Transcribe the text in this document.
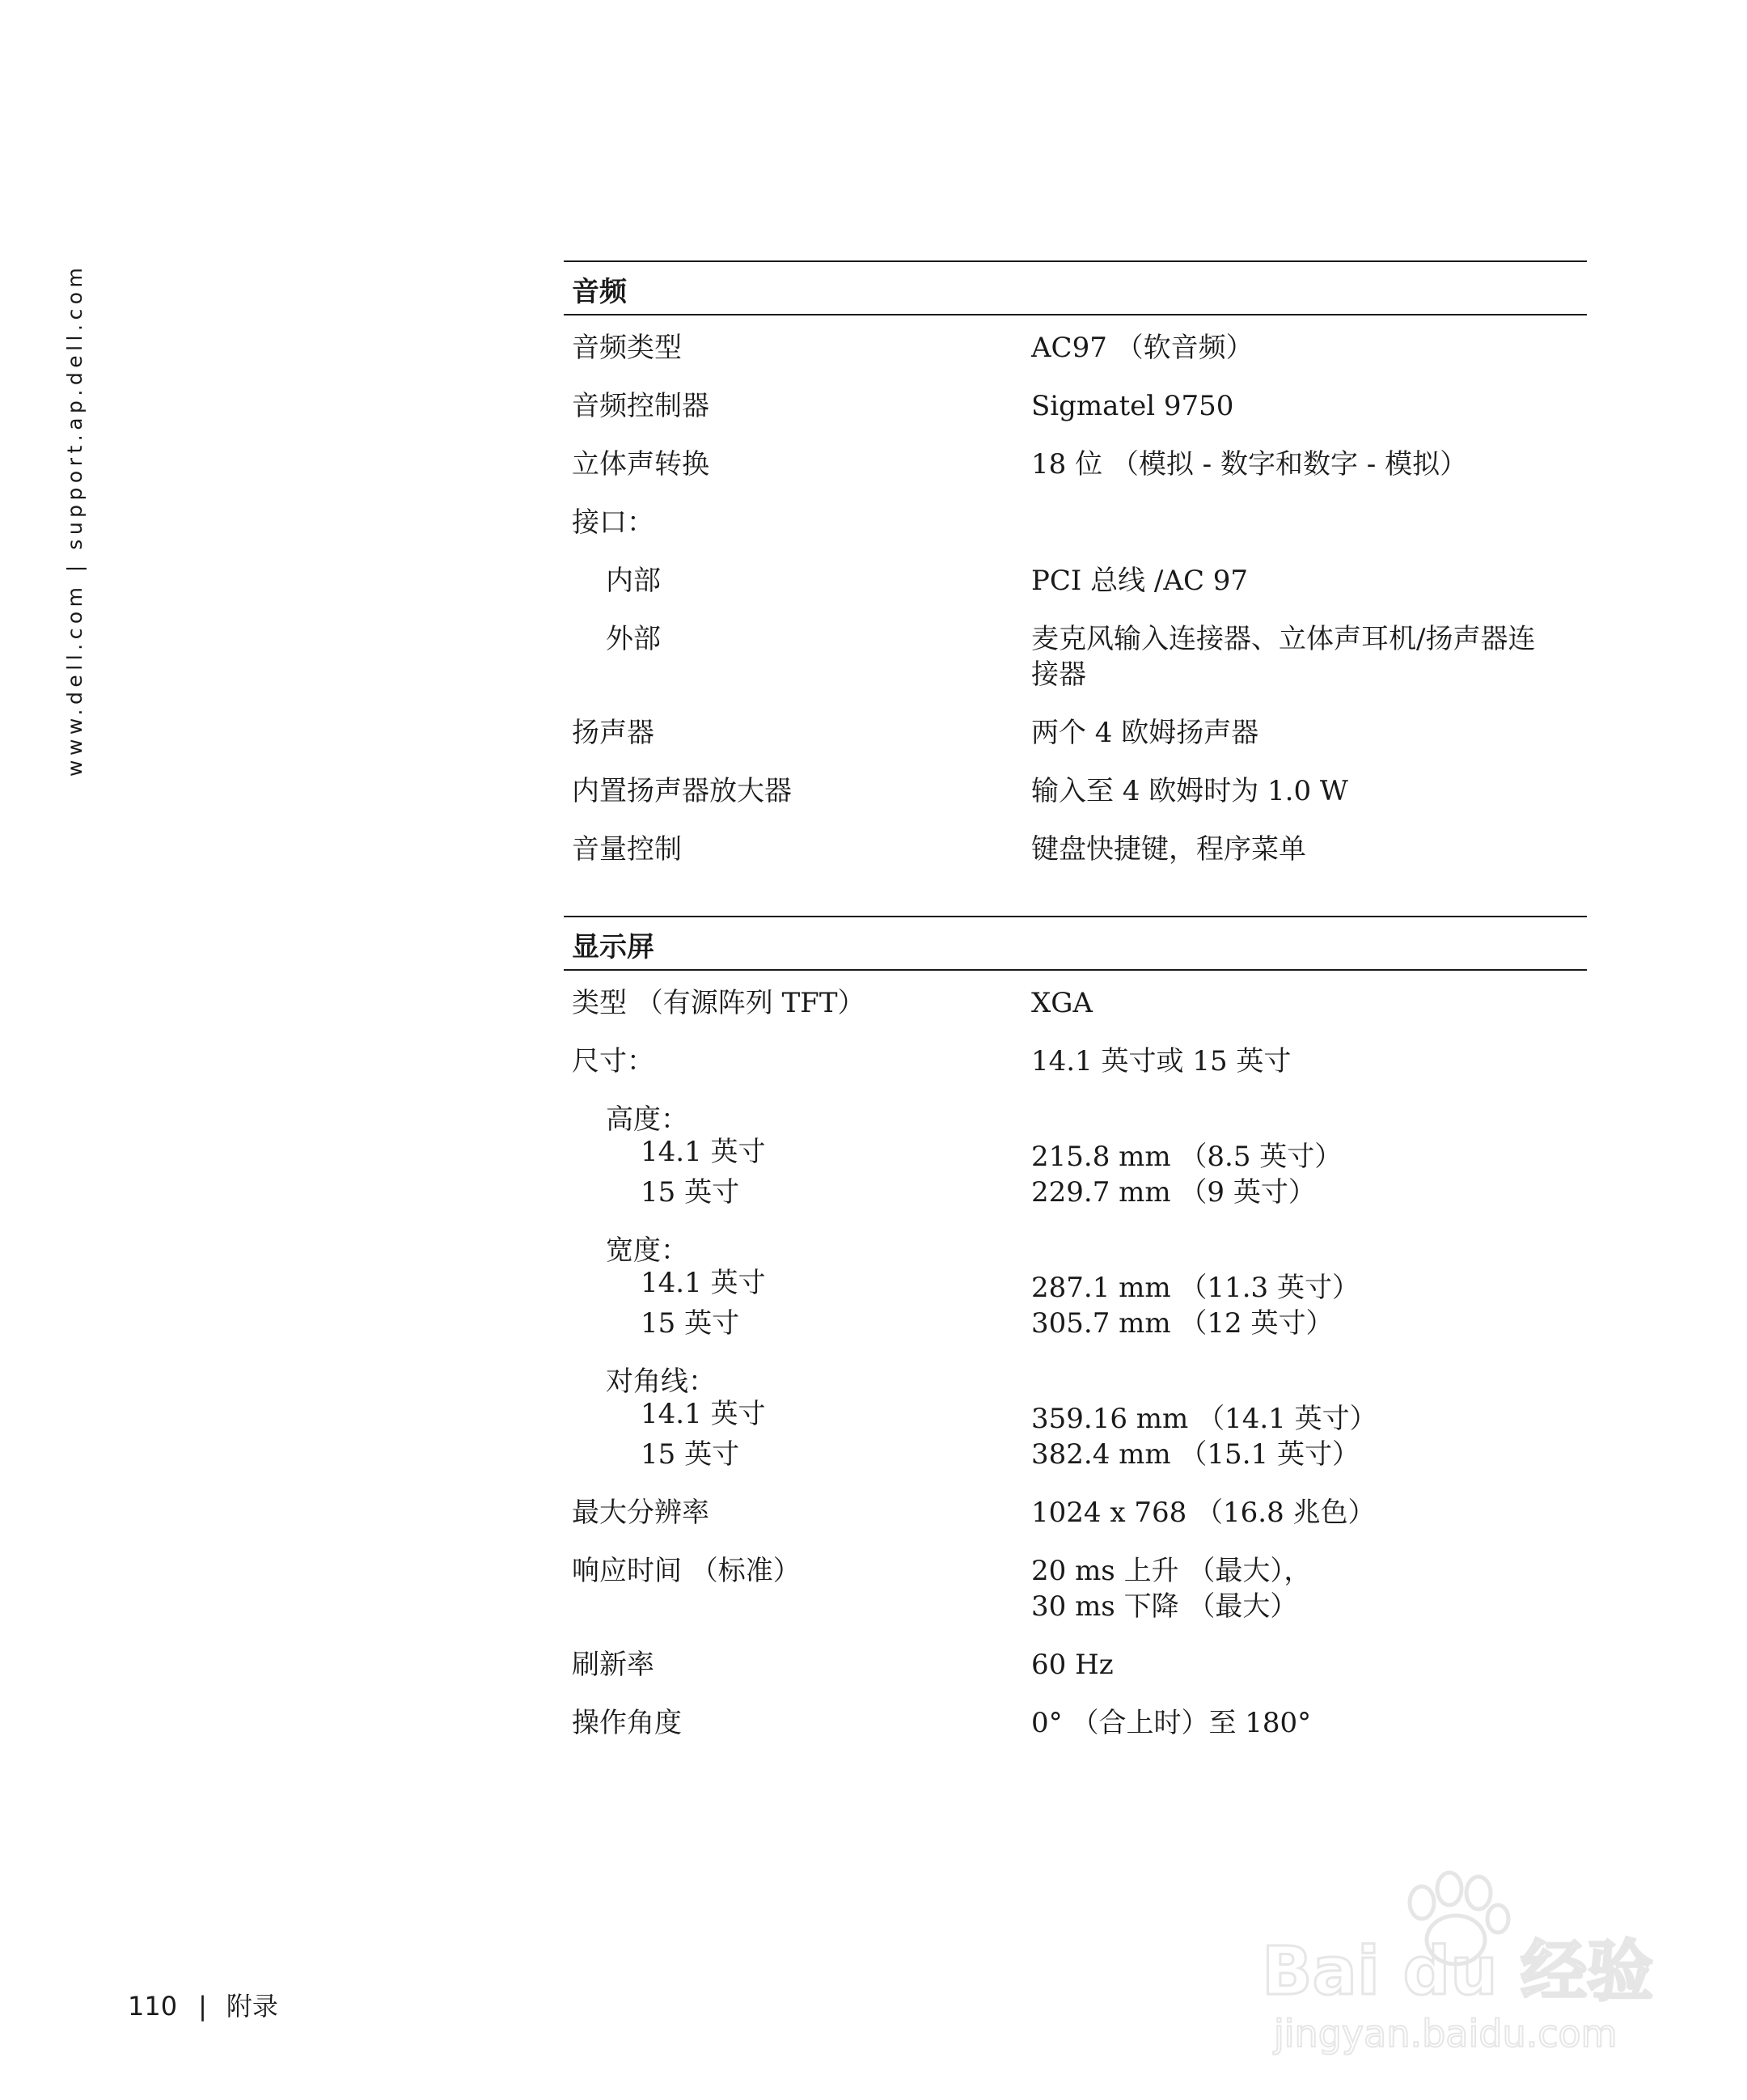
www.dell.com | support.ap.dell.com	音频
音频类型	AC97 （软音频）
音频控制器	Sigmatel 9750
立体声转换	18 位 （模拟 - 数字和数字 - 模拟）
接口：
内部	PCI 总线 /AC 97
外部	麦克风输入连接器、立体声耳机/扬声器连
接器
扬声器	两个 4 欧姆扬声器
内置扬声器放大器	输入至 4 欧姆时为 1.0 W
音量控制	键盘快捷键，程序菜单
显示屏
类型 （有源阵列 TFT）	XGA
尺寸：	14.1 英寸或 15 英寸
高度：
14.1 英寸	215.8 mm （8.5 英寸）
15 英寸	229.7 mm （9 英寸）
宽度：
14.1 英寸	287.1 mm （11.3 英寸）
15 英寸	305.7 mm （12 英寸）
对角线：
14.1 英寸	359.16 mm （14.1 英寸）
15 英寸	382.4 mm （15.1 英寸）
最大分辨率	1024 x 768 （16.8 兆色）
响应时间 （标准）	20 ms 上升 （最大），
30 ms 下降 （最大）
刷新率	60 Hz
操作角度	0° （合上时）至 180°
110 | 附录	Bai du 经验
jingyan.baidu.com
